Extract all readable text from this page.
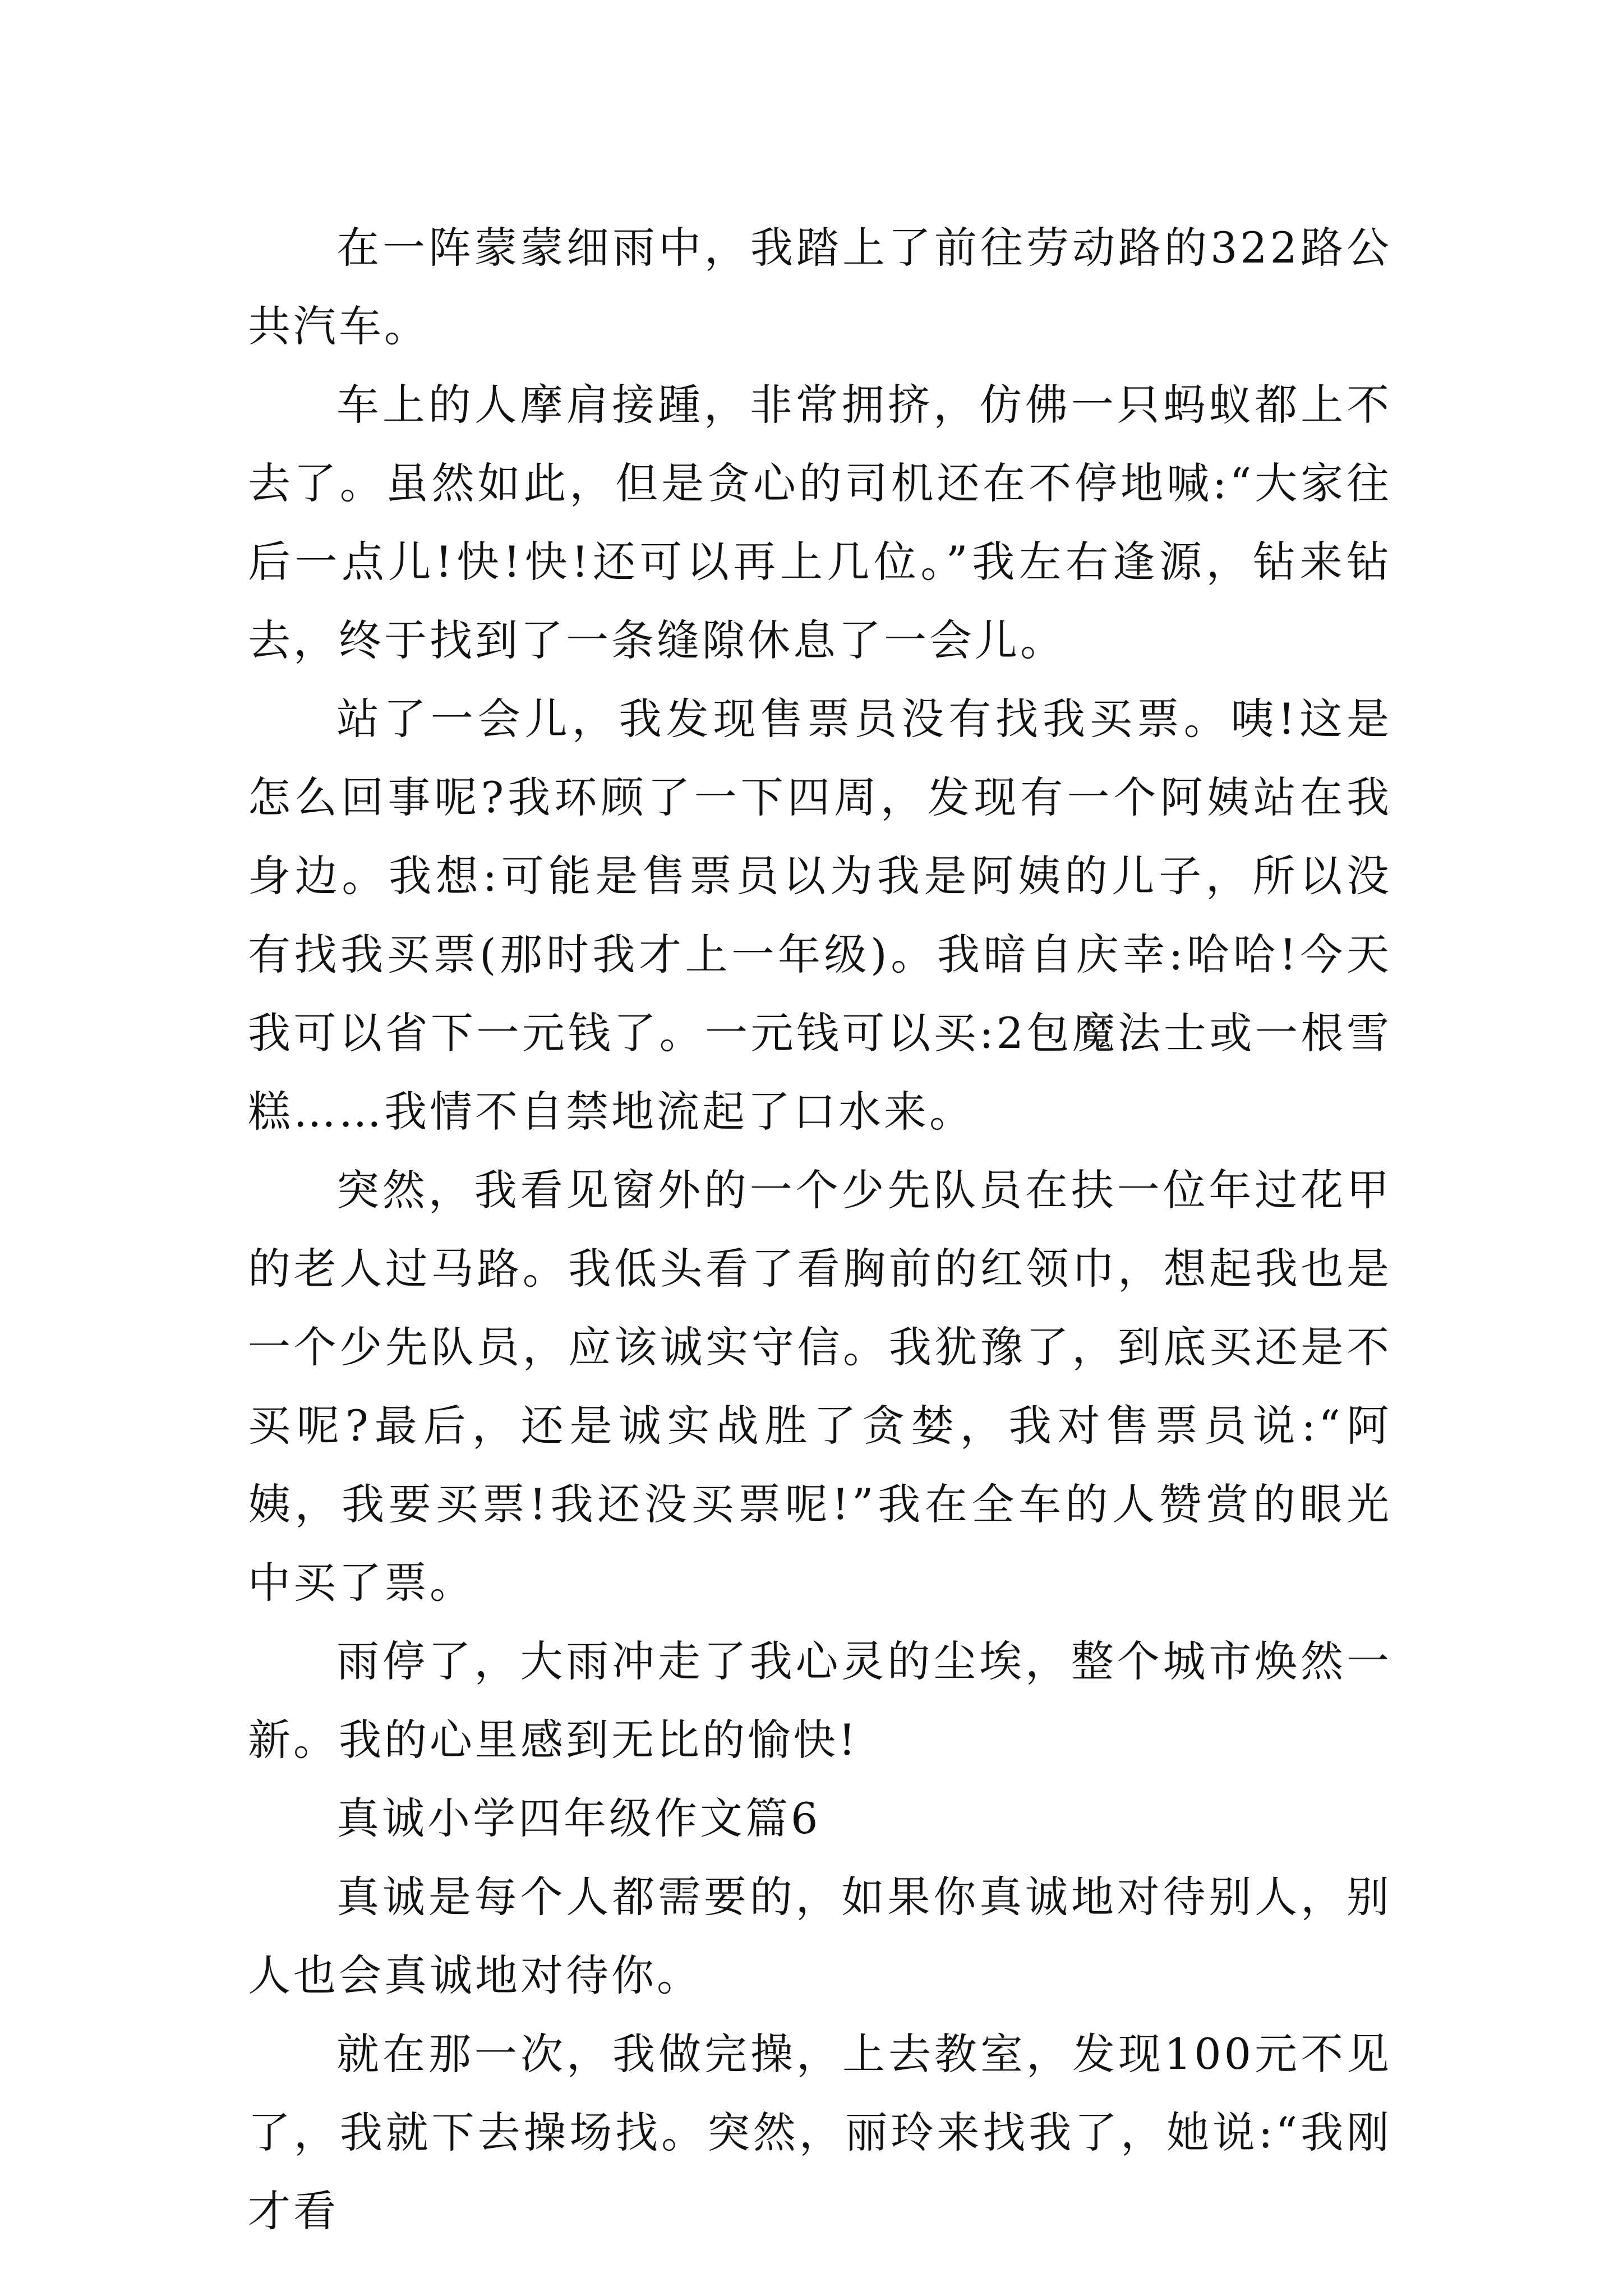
在一阵蒙蒙细雨中，我踏上了前往劳动路的322路公共汽车。

车上的人摩肩接踵，非常拥挤，仿佛一只蚂蚁都上不去了。虽然如此，但是贪心的司机还在不停地喊:“大家往后一点儿!快!快!还可以再上几位。”我左右逢源，钻来钻去，终于找到了一条缝隙休息了一会儿。

站了一会儿，我发现售票员没有找我买票。咦!这是怎么回事呢?我环顾了一下四周，发现有一个阿姨站在我身边。我想:可能是售票员以为我是阿姨的儿子，所以没有找我买票(那时我才上一年级)。我暗自庆幸:哈哈!今天我可以省下一元钱了。一元钱可以买:2包魔法士或一根雪糕……我情不自禁地流起了口水来。

突然，我看见窗外的一个少先队员在扶一位年过花甲的老人过马路。我低头看了看胸前的红领巾，想起我也是一个少先队员，应该诚实守信。我犹豫了，到底买还是不买呢?最后，还是诚实战胜了贪婪，我对售票员说:“阿姨，我要买票!我还没买票呢!”我在全车的人赞赏的眼光中买了票。

雨停了，大雨冲走了我心灵的尘埃，整个城市焕然一新。我的心里感到无比的愉快!

真诚小学四年级作文篇6

真诚是每个人都需要的，如果你真诚地对待别人，别人也会真诚地对待你。

就在那一次，我做完操，上去教室，发现100元不见了，我就下去操场找。突然，丽玲来找我了，她说:“我刚才看
